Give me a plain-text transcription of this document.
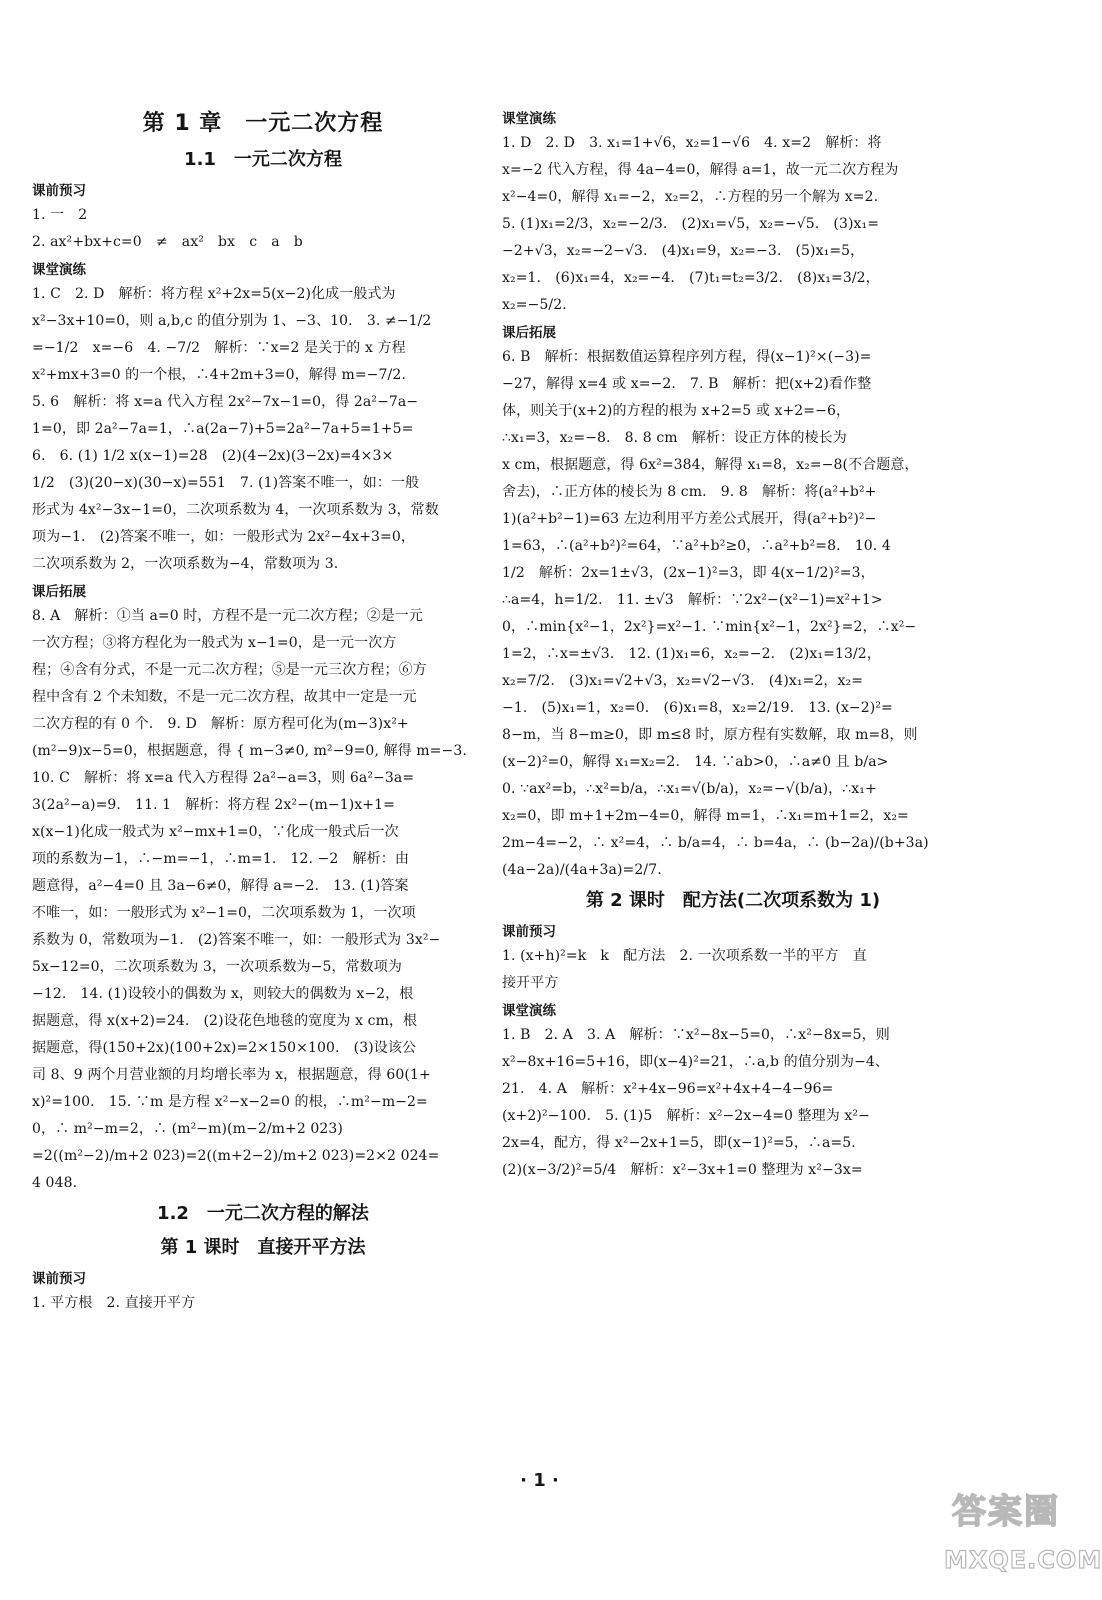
第 1 章　一元二次方程
1.1　一元二次方程
课前预习
1. 一　2
2. ax²+bx+c=0　≠　ax²　bx　c　a　b
课堂演练
1. C　2. D　解析：将方程 x²+2x=5(x−2)化成一般式为
x²−3x+10=0，则 a,b,c 的值分别为 1、−3、10.　3. ≠−1/2
=−1/2　x=−6　4. −7/2　解析：∵x=2 是关于的 x 方程
x²+mx+3=0 的一个根，∴4+2m+3=0，解得 m=−7/2.
5. 6　解析：将 x=a 代入方程 2x²−7x−1=0，得 2a²−7a−
1=0，即 2a²−7a=1，∴a(2a−7)+5=2a²−7a+5=1+5=
6.　6. (1) 1/2 x(x−1)=28　(2)(4−2x)(3−2x)=4×3×
1/2　(3)(20−x)(30−x)=551　7. (1)答案不唯一，如：一般
形式为 4x²−3x−1=0，二次项系数为 4，一次项系数为 3，常数
项为−1.　(2)答案不唯一，如：一般形式为 2x²−4x+3=0，
二次项系数为 2，一次项系数为−4，常数项为 3.
课后拓展
8. A　解析：①当 a=0 时，方程不是一元二次方程；②是一元
一次方程；③将方程化为一般式为 x−1=0，是一元一次方
程；④含有分式，不是一元二次方程；⑤是一元三次方程；⑥方
程中含有 2 个未知数，不是一元二次方程，故其中一定是一元
二次方程的有 0 个.　9. D　解析：原方程可化为(m−3)x²+
(m²−9)x−5=0，根据题意，得 { m−3≠0, m²−9=0, 解得 m=−3.
10. C　解析：将 x=a 代入方程得 2a²−a=3，则 6a²−3a=
3(2a²−a)=9.　11. 1　解析：将方程 2x²−(m−1)x+1=
x(x−1)化成一般式为 x²−mx+1=0，∵化成一般式后一次
项的系数为−1，∴−m=−1，∴m=1.　12. −2　解析：由
题意得，a²−4=0 且 3a−6≠0，解得 a=−2.　13. (1)答案
不唯一，如：一般形式为 x²−1=0，二次项系数为 1，一次项
系数为 0，常数项为−1.　(2)答案不唯一，如：一般形式为 3x²−
5x−12=0，二次项系数为 3，一次项系数为−5，常数项为
−12.　14. (1)设较小的偶数为 x，则较大的偶数为 x−2，根
据题意，得 x(x+2)=24.　(2)设花色地毯的宽度为 x cm，根
据题意，得(150+2x)(100+2x)=2×150×100.　(3)设该公
司 8、9 两个月营业额的月均增长率为 x，根据题意，得 60(1+
x)²=100.　15. ∵m 是方程 x²−x−2=0 的根，∴m²−m−2=
0，∴ m²−m=2，∴ (m²−m)(m−2/m+2 023)
=2((m²−2)/m+2 023)=2((m+2−2)/m+2 023)=2×2 024=
4 048.
1.2　一元二次方程的解法
第 1 课时　直接开平方法
课前预习
1. 平方根　2. 直接开平方
课堂演练
1. D　2. D　3. x₁=1+√6，x₂=1−√6　4. x=2　解析：将
x=−2 代入方程，得 4a−4=0，解得 a=1，故一元二次方程为
x²−4=0，解得 x₁=−2，x₂=2，∴方程的另一个解为 x=2.
5. (1)x₁=2/3，x₂=−2/3.　(2)x₁=√5，x₂=−√5.　(3)x₁=
−2+√3，x₂=−2−√3.　(4)x₁=9，x₂=−3.　(5)x₁=5，
x₂=1.　(6)x₁=4，x₂=−4.　(7)t₁=t₂=3/2.　(8)x₁=3/2，
x₂=−5/2.
课后拓展
6. B　解析：根据数值运算程序列方程，得(x−1)²×(−3)=
−27，解得 x=4 或 x=−2.　7. B　解析：把(x+2)看作整
体，则关于(x+2)的方程的根为 x+2=5 或 x+2=−6，
∴x₁=3，x₂=−8.　8. 8 cm　解析：设正方体的棱长为
x cm，根据题意，得 6x²=384，解得 x₁=8，x₂=−8(不合题意，
舍去)，∴正方体的棱长为 8 cm.　9. 8　解析：将(a²+b²+
1)(a²+b²−1)=63 左边利用平方差公式展开，得(a²+b²)²−
1=63，∴(a²+b²)²=64，∵a²+b²≥0，∴a²+b²=8.　10. 4
1/2　解析：2x=1±√3，(2x−1)²=3，即 4(x−1/2)²=3，
∴a=4，h=1/2.　11. ±√3　解析：∵2x²−(x²−1)=x²+1>
0，∴min{x²−1，2x²}=x²−1. ∵min{x²−1，2x²}=2，∴x²−
1=2，∴x=±√3.　12. (1)x₁=6，x₂=−2.　(2)x₁=13/2，
x₂=7/2.　(3)x₁=√2+√3，x₂=√2−√3.　(4)x₁=2，x₂=
−1.　(5)x₁=1，x₂=0.　(6)x₁=8，x₂=2/19.　13. (x−2)²=
8−m，当 8−m≥0，即 m≤8 时，原方程有实数解，取 m=8，则
(x−2)²=0，解得 x₁=x₂=2.　14. ∵ab>0，∴a≠0 且 b/a>
0. ∵ax²=b，∴x²=b/a，∴x₁=√(b/a)，x₂=−√(b/a)，∴x₁+
x₂=0，即 m+1+2m−4=0，解得 m=1，∴x₁=m+1=2，x₂=
2m−4=−2，∴ x²=4，∴ b/a=4，∴ b=4a，∴ (b−2a)/(b+3a)
(4a−2a)/(4a+3a)=2/7.
第 2 课时　配方法(二次项系数为 1)
课前预习
1. (x+h)²=k　k　配方法　2. 一次项系数一半的平方　直
接开平方
课堂演练
1. B　2. A　3. A　解析：∵x²−8x−5=0，∴x²−8x=5，则
x²−8x+16=5+16，即(x−4)²=21，∴a,b 的值分别为−4、
21.　4. A　解析：x²+4x−96=x²+4x+4−4−96=
(x+2)²−100.　5. (1)5　解析：x²−2x−4=0 整理为 x²−
2x=4，配方，得 x²−2x+1=5，即(x−1)²=5，∴a=5.
(2)(x−3/2)²=5/4　解析：x²−3x+1=0 整理为 x²−3x=
· 1 ·
答案圈
MXQE.COM
